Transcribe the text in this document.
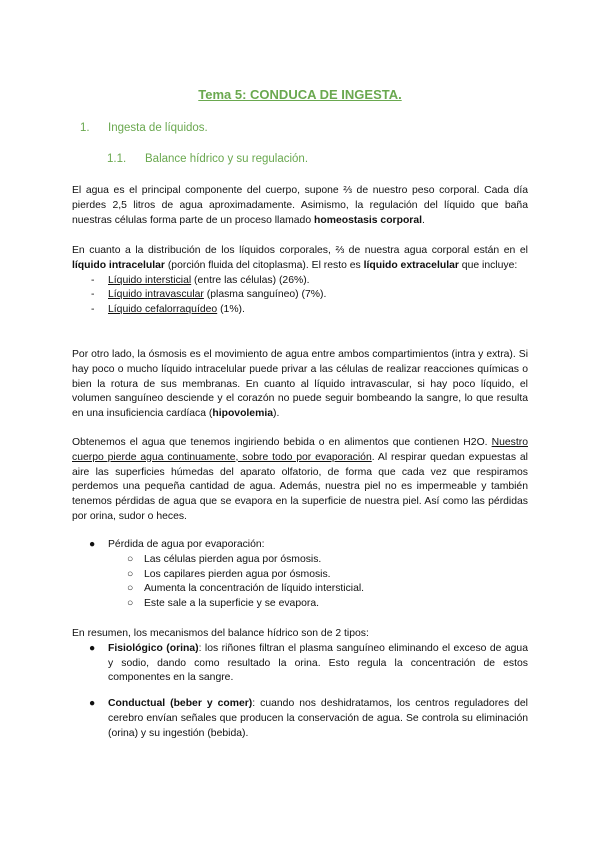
Tema 5: CONDUCA DE INGESTA.
1. Ingesta de líquidos.
1.1. Balance hídrico y su regulación.

El agua es el principal componente del cuerpo, supone ⅔ de nuestro peso corporal. Cada día pierdes 2,5 litros de agua aproximadamente. Asimismo, la regulación del líquido que baña nuestras células forma parte de un proceso llamado homeostasis corporal.

En cuanto a la distribución de los líquidos corporales, ⅔ de nuestra agua corporal están en el líquido intracelular (porción fluida del citoplasma). El resto es líquido extracelular que incluye:

- Líquido intersticial (entre las células) (26%).
- Líquido intravascular (plasma sanguíneo) (7%).
- Líquido cefalorraquídeo (1%).

Por otro lado, la ósmosis es el movimiento de agua entre ambos compartimientos (intra y extra). Si hay poco o mucho líquido intracelular puede privar a las células de realizar reacciones químicas o bien la rotura de sus membranas. En cuanto al líquido intravascular, si hay poco líquido, el volumen sanguíneo desciende y el corazón no puede seguir bombeando la sangre, lo que resulta en una insuficiencia cardíaca (hipovolemia).

Obtenemos el agua que tenemos ingiriendo bebida o en alimentos que contienen H2O. Nuestro cuerpo pierde agua continuamente, sobre todo por evaporación. Al respirar quedan expuestas al aire las superficies húmedas del aparato olfatorio, de forma que cada vez que respiramos perdemos una pequeña cantidad de agua. Además, nuestra piel no es impermeable y también tenemos pérdidas de agua que se evapora en la superficie de nuestra piel. Así como las pérdidas por orina, sudor o heces.

● Pérdida de agua por evaporación:
○ Las células pierden agua por ósmosis.
○ Los capilares pierden agua por ósmosis.
○ Aumenta la concentración de líquido intersticial.
○ Este sale a la superficie y se evapora.

En resumen, los mecanismos del balance hídrico son de 2 tipos:

● Fisiológico (orina): los riñones filtran el plasma sanguíneo eliminando el exceso de agua y sodio, dando como resultado la orina. Esto regula la concentración de estos componentes en la sangre.
● Conductual (beber y comer): cuando nos deshidratamos, los centros reguladores del cerebro envían señales que producen la conservación de agua. Se controla su eliminación (orina) y su ingestión (bebida).
